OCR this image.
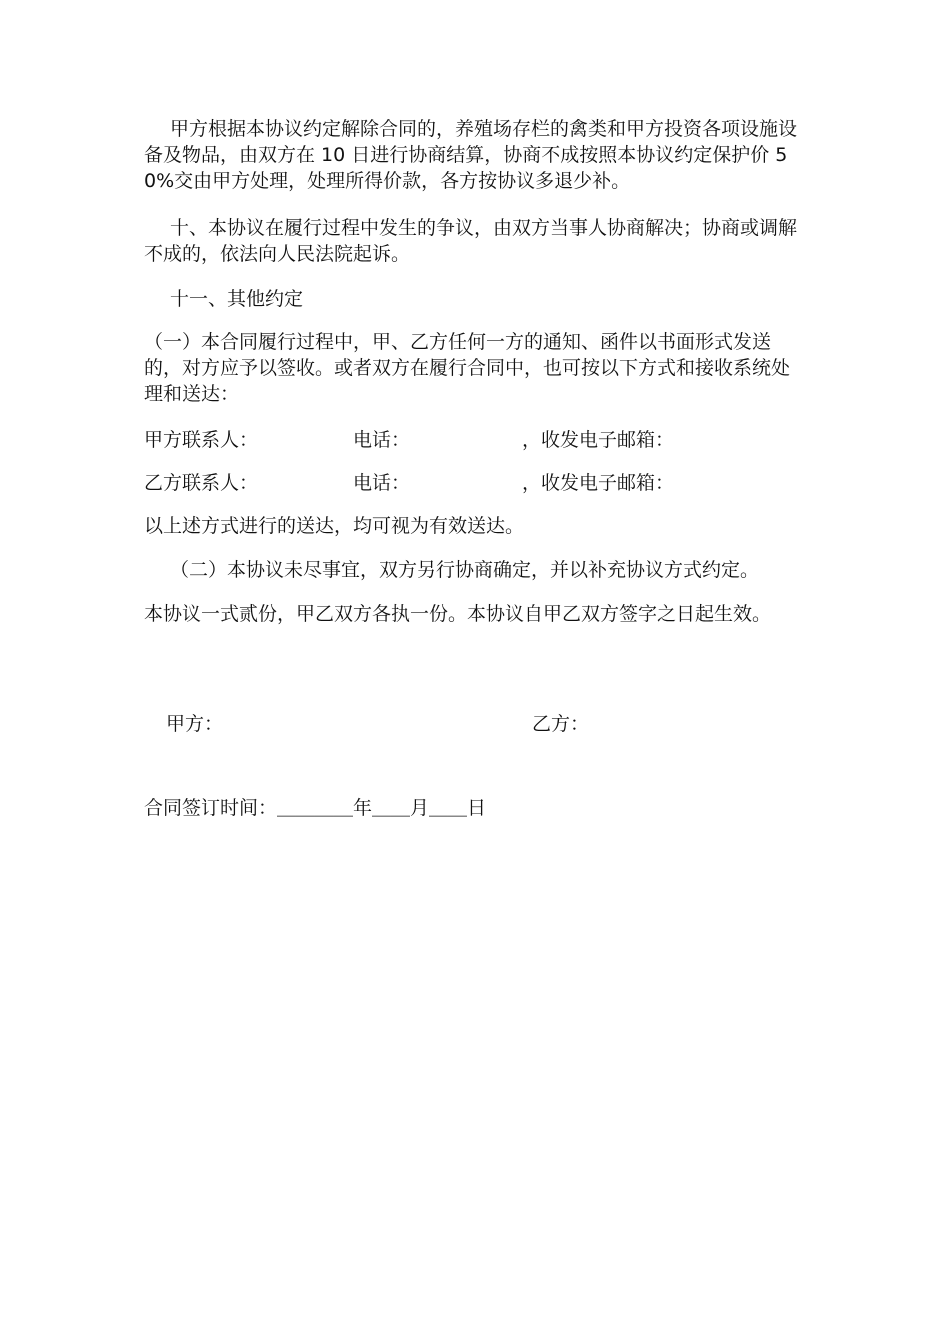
甲方根据本协议约定解除合同的，养殖场存栏的禽类和甲方投资各项设施设备及物品，由双方在 10 日进行协商结算，协商不成按照本协议约定保护价 50%交由甲方处理，处理所得价款，各方按协议多退少补。

十、本协议在履行过程中发生的争议，由双方当事人协商解决；协商或调解不成的，依法向人民法院起诉。

十一、其他约定

（一）本合同履行过程中，甲、乙方任何一方的通知、函件以书面形式发送的，对方应予以签收。或者双方在履行合同中，也可按以下方式和接收系统处理和送达：

甲方联系人：	电话：	，收发电子邮箱：
乙方联系人：	电话：	，收发电子邮箱：

以上述方式进行的送达，均可视为有效送达。

（二）本协议未尽事宜，双方另行协商确定，并以补充协议方式约定。

本协议一式贰份，甲乙双方各执一份。本协议自甲乙双方签字之日起生效。

甲方：	乙方：
合同签订时间：＿＿＿＿年＿＿月＿＿日
